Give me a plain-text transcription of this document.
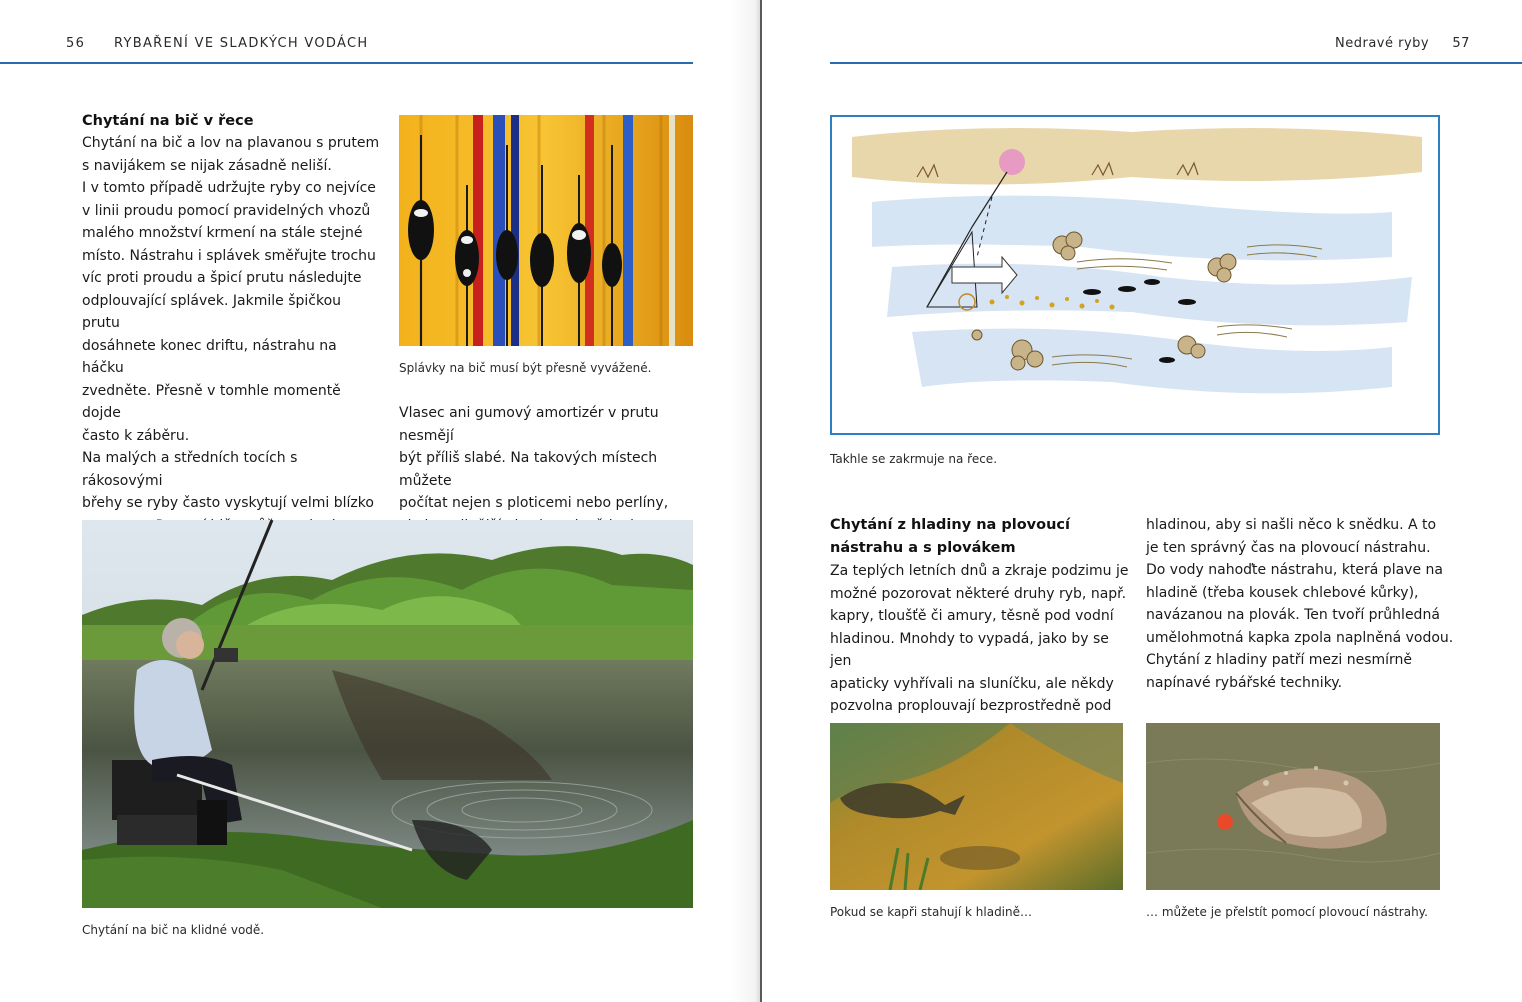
56 RYBAŘENÍ VE SLADKÝCH VODÁCH
Chytání na bič v řece
Chytání na bič a lov na plavanou s prutem
s navijákem se nijak zásadně neliší.
I v tomto případě udržujte ryby co nejvíce
v linii proudu pomocí pravidelných vhozů
malého množství krmení na stále stejné
místo. Nástrahu i splávek směřujte trochu
víc proti proudu a špicí prutu následujte
odplouvající splávek. Jakmile špičkou prutu
dosáhnete konec driftu, nástrahu na háčku
zvedněte. Přesně v tomhle momentě dojde
často k záběru.
Na malých a středních tocích s rákosovými
břehy se ryby často vyskytují velmi blízko

Splávky na bič musí být přesně vyvážené.
Vlasec ani gumový amortizér v prutu nesmějí
být příliš slabé. Na takových místech můžete
počítat nejen s ploticemi nebo perlíny,

Chytání na bič na klidné vodě.
Nedravé ryby 57
Takhle se zakrmuje na řece.
Chytání z hladiny na plovoucí
nástrahu a s plovákem
Za teplých letních dnů a zkraje podzimu je
možné pozorovat některé druhy ryb, např.
kapry, tloušťě či amury, těsně pod vodní
hladinou. Mnohdy to vypadá, jako by se jen
apaticky vyhřívali na sluníčku, ale někdy
pozvolna proplouvají bezprostředně pod
hladinou, aby si našli něco k snědku. A to
je ten správný čas na plovoucí nástrahu.
Do vody nahoďte nástrahu, která plave na
hladině (třeba kousek chlebové kůrky),
navázanou na plovák. Ten tvoří průhledná
umělohmotná kapka zpola naplněná vodou.
Chytání z hladiny patří mezi nesmírně
napínavé rybářské techniky.
Pokud se kapři stahují k hladině…	… můžete je přelstít pomocí plovoucí nástrahy.
